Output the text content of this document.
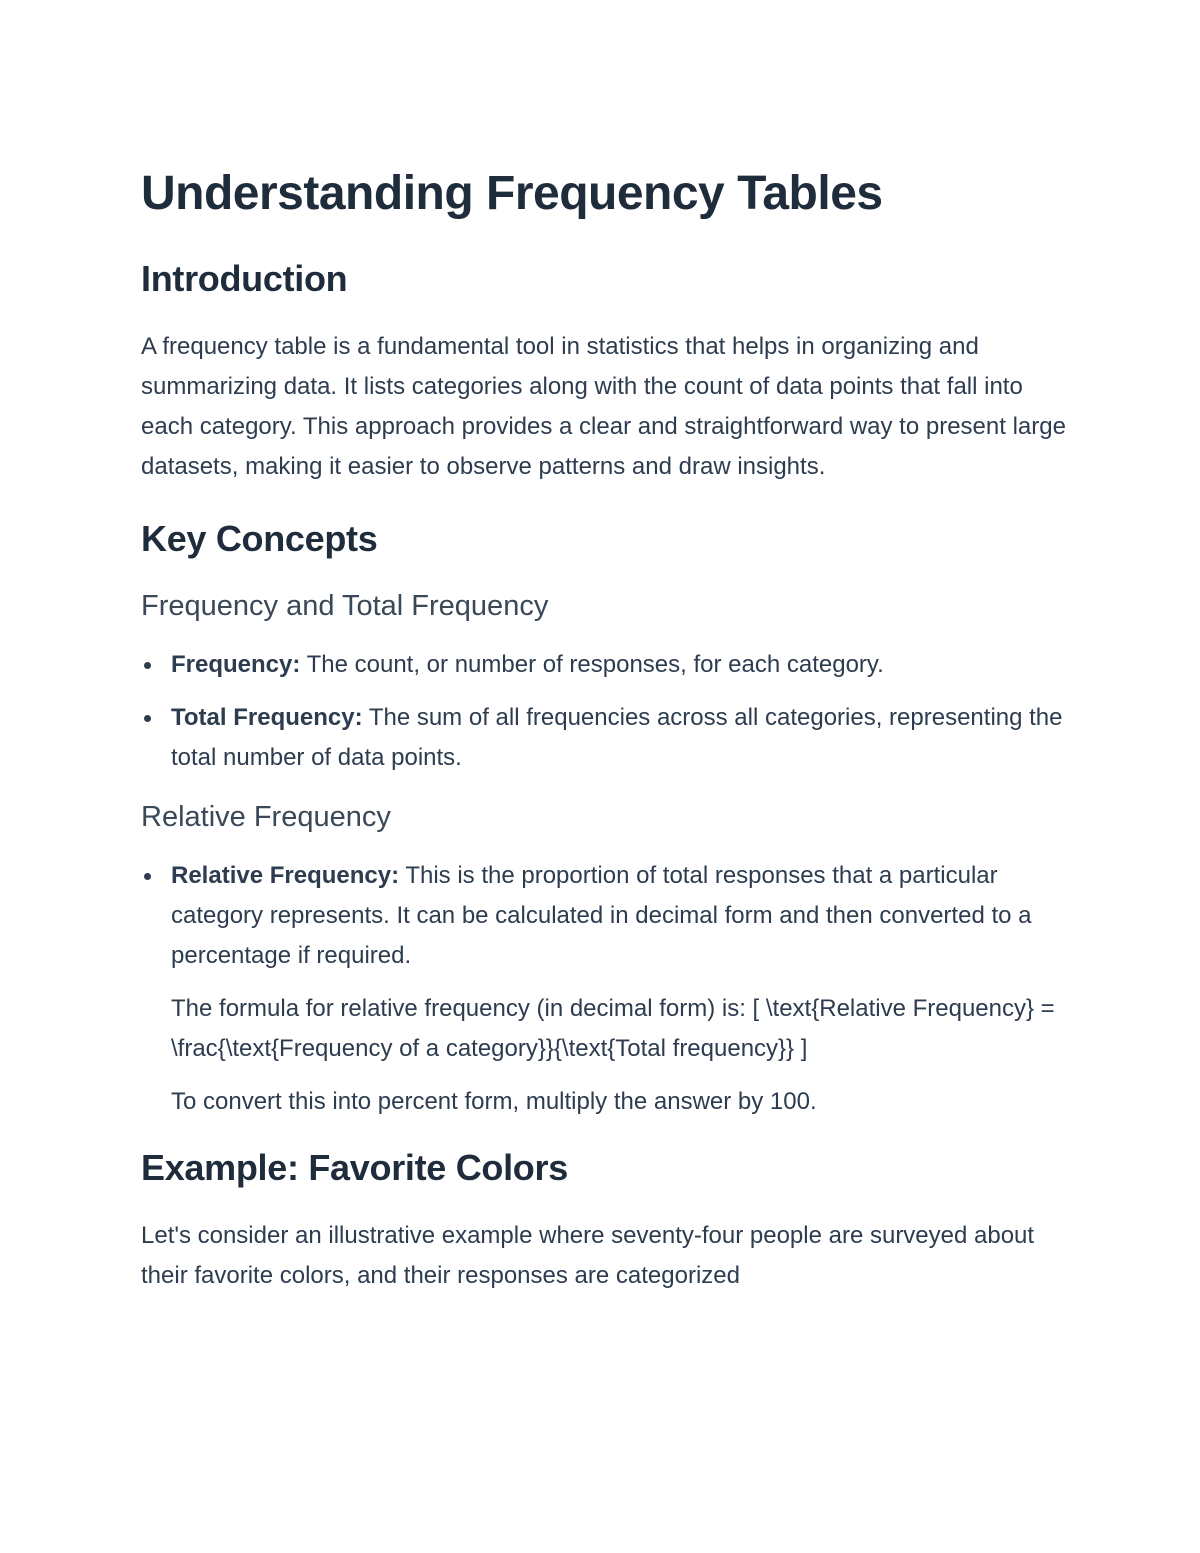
Understanding Frequency Tables
Introduction

A frequency table is a fundamental tool in statistics that helps in organizing and summarizing data. It lists categories along with the count of data points that fall into each category. This approach provides a clear and straightforward way to present large datasets, making it easier to observe patterns and draw insights.

Key Concepts
Frequency and Total Frequency
Frequency: The count, or number of responses, for each category.
Total Frequency: The sum of all frequencies across all categories, representing the total number of data points.
Relative Frequency
Relative Frequency: This is the proportion of total responses that a particular category represents. It can be calculated in decimal form and then converted to a percentage if required.
The formula for relative frequency (in decimal form) is: [ \text{Relative Frequency} = \frac{\text{Frequency of a category}}{\text{Total frequency}} ]
To convert this into percent form, multiply the answer by 100.
Example: Favorite Colors

Let's consider an illustrative example where seventy-four people are surveyed about their favorite colors, and their responses are categorized
